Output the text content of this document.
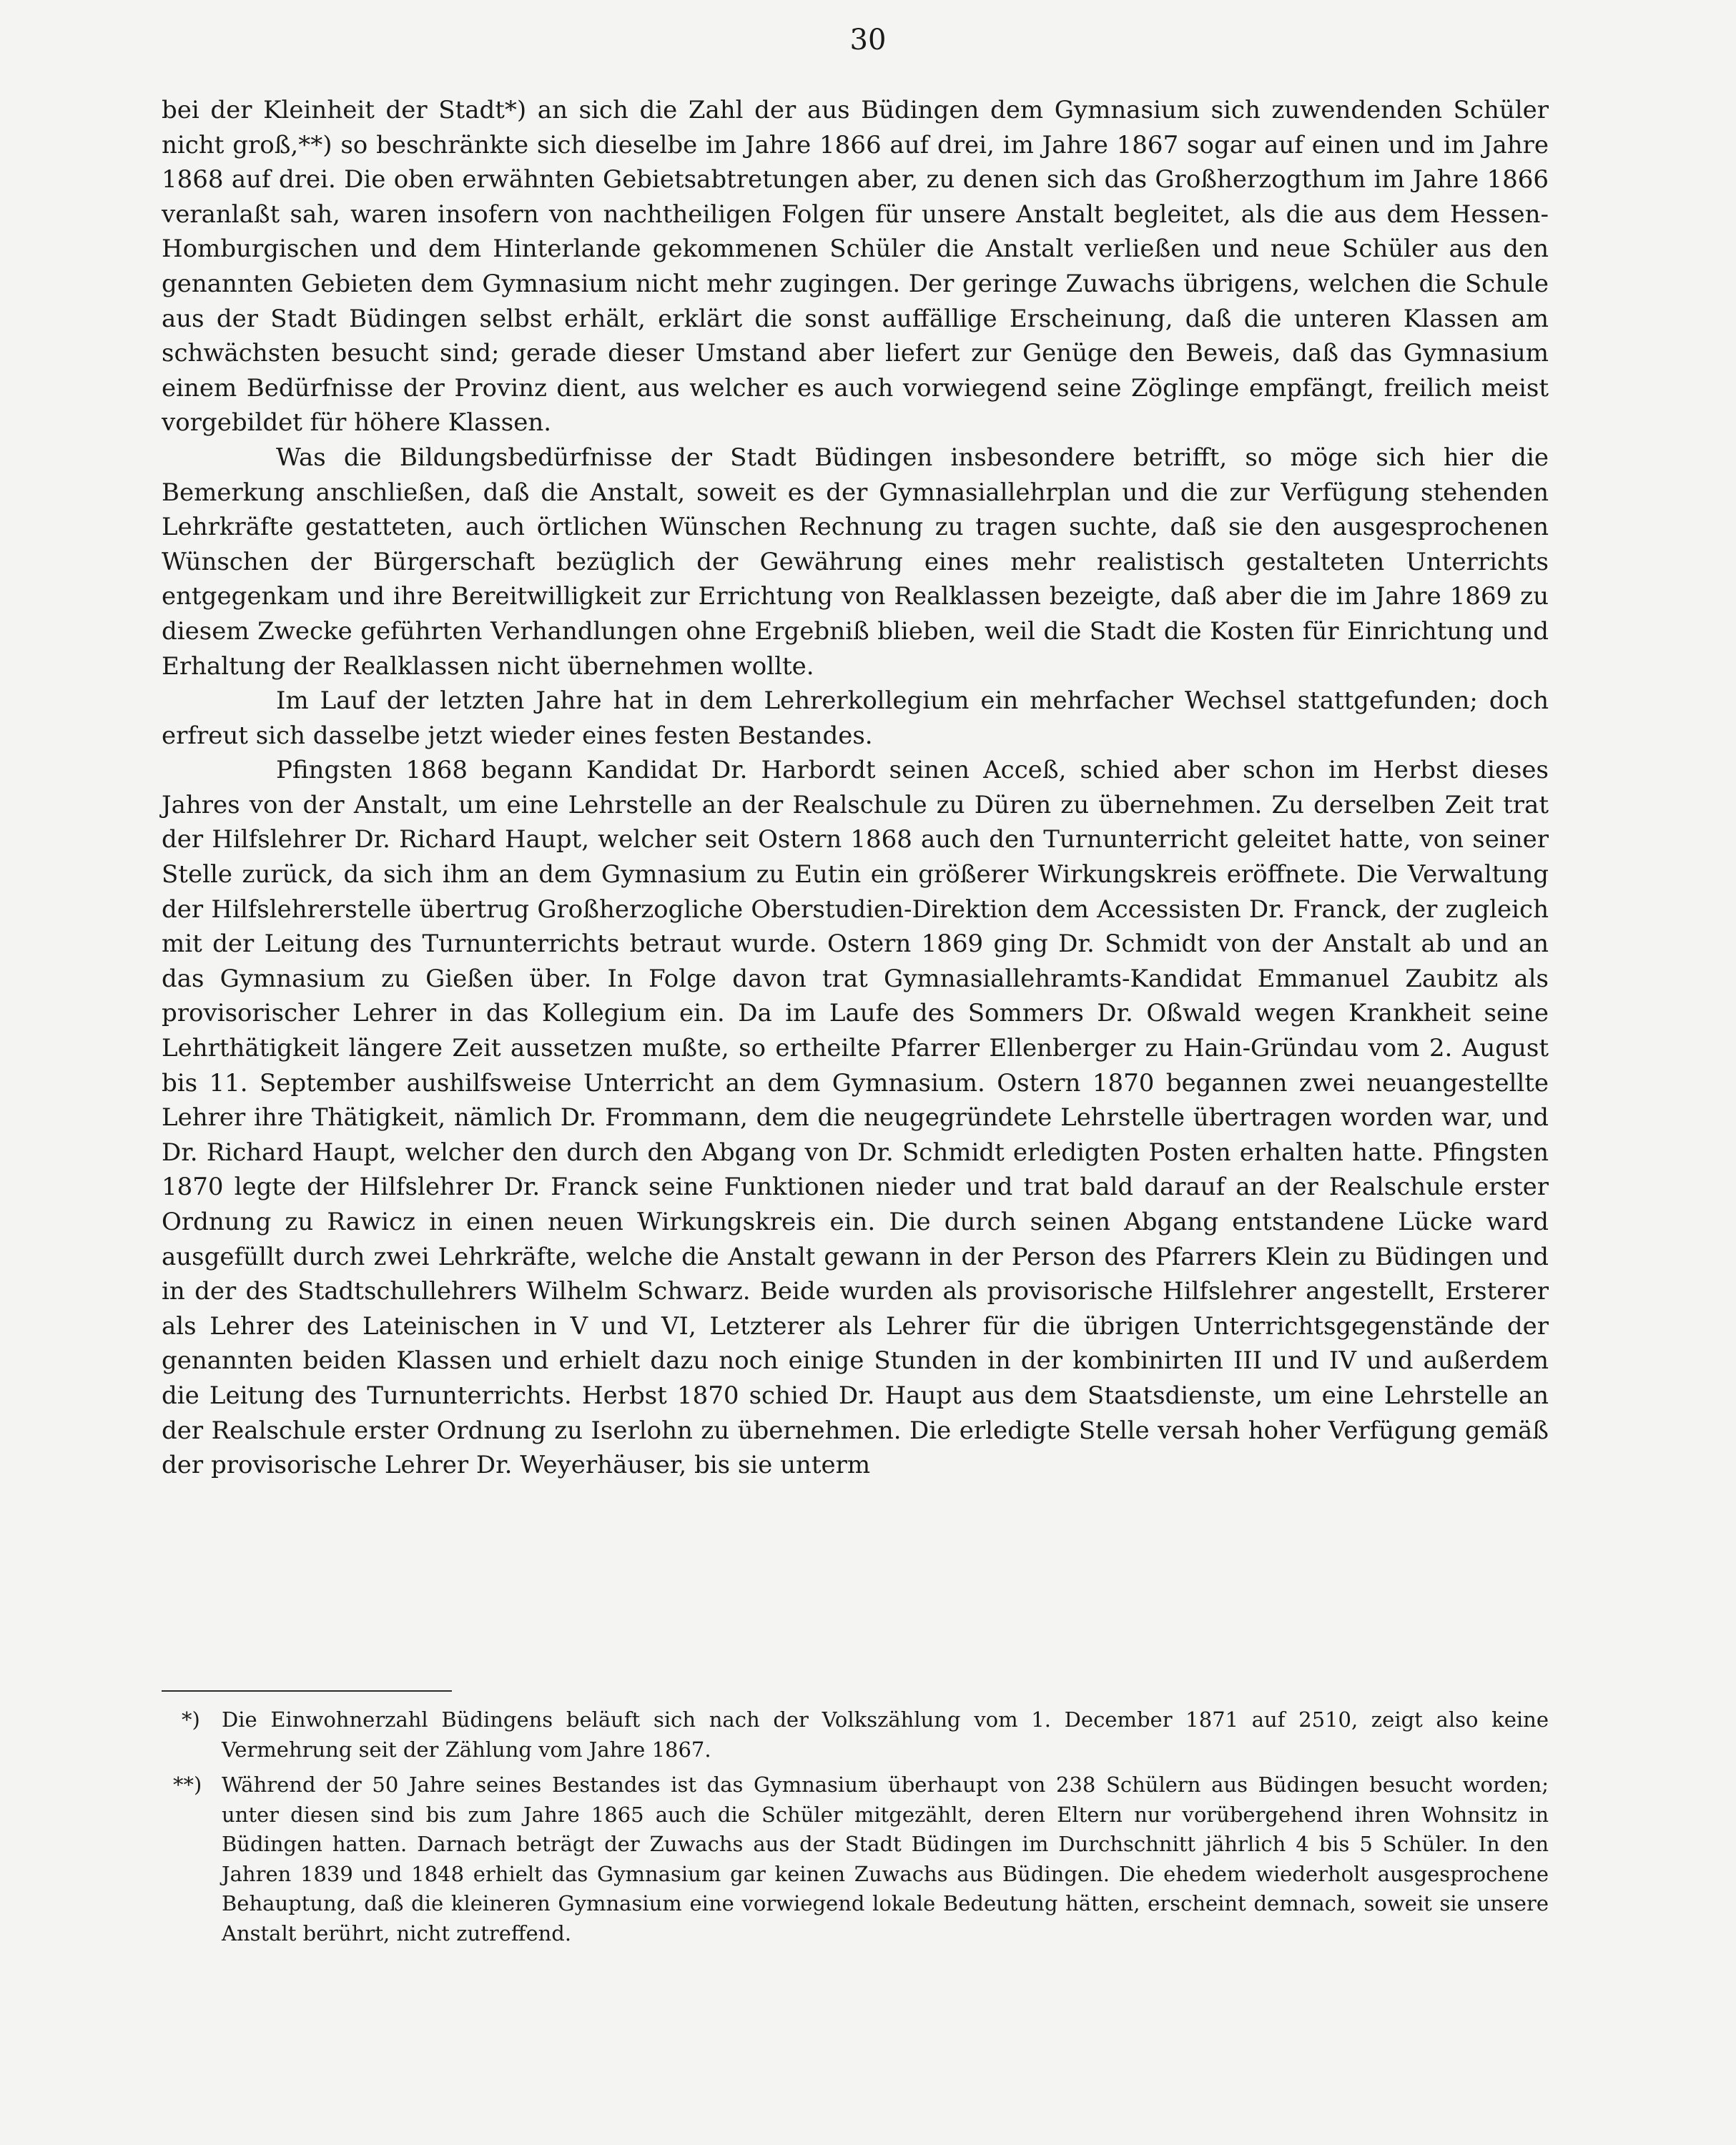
30

bei der Kleinheit der Stadt*) an sich die Zahl der aus Büdingen dem Gymnasium sich zuwendenden Schüler nicht groß,**) so beschränkte sich dieselbe im Jahre 1866 auf drei, im Jahre 1867 sogar auf einen und im Jahre 1868 auf drei. Die oben erwähnten Gebietsabtretungen aber, zu denen sich das Großherzogthum im Jahre 1866 veranlaßt sah, waren insofern von nachtheiligen Folgen für unsere Anstalt begleitet, als die aus dem Hessen-Homburgischen und dem Hinterlande gekommenen Schüler die Anstalt verließen und neue Schüler aus den genannten Gebieten dem Gymnasium nicht mehr zugingen. Der geringe Zuwachs übrigens, welchen die Schule aus der Stadt Büdingen selbst erhält, erklärt die sonst auffällige Erscheinung, daß die unteren Klassen am schwächsten besucht sind; gerade dieser Umstand aber liefert zur Genüge den Beweis, daß das Gymnasium einem Bedürfnisse der Provinz dient, aus welcher es auch vorwiegend seine Zöglinge empfängt, freilich meist vorgebildet für höhere Klassen.

Was die Bildungsbedürfnisse der Stadt Büdingen insbesondere betrifft, so möge sich hier die Bemerkung anschließen, daß die Anstalt, soweit es der Gymnasiallehrplan und die zur Verfügung stehenden Lehrkräfte gestatteten, auch örtlichen Wünschen Rechnung zu tragen suchte, daß sie den ausgesprochenen Wünschen der Bürgerschaft bezüglich der Gewährung eines mehr realistisch gestalteten Unterrichts entgegenkam und ihre Bereitwilligkeit zur Errichtung von Realklassen bezeigte, daß aber die im Jahre 1869 zu diesem Zwecke geführten Verhandlungen ohne Ergebniß blieben, weil die Stadt die Kosten für Einrichtung und Erhaltung der Realklassen nicht übernehmen wollte.

Im Lauf der letzten Jahre hat in dem Lehrerkollegium ein mehrfacher Wechsel stattgefunden; doch erfreut sich dasselbe jetzt wieder eines festen Bestandes.

Pfingsten 1868 begann Kandidat Dr. Harbordt seinen Acceß, schied aber schon im Herbst dieses Jahres von der Anstalt, um eine Lehrstelle an der Realschule zu Düren zu übernehmen. Zu derselben Zeit trat der Hilfslehrer Dr. Richard Haupt, welcher seit Ostern 1868 auch den Turnunterricht geleitet hatte, von seiner Stelle zurück, da sich ihm an dem Gymnasium zu Eutin ein größerer Wirkungskreis eröffnete. Die Verwaltung der Hilfslehrerstelle übertrug Großherzogliche Oberstudien-Direktion dem Accessisten Dr. Franck, der zugleich mit der Leitung des Turnunterrichts betraut wurde. Ostern 1869 ging Dr. Schmidt von der Anstalt ab und an das Gymnasium zu Gießen über. In Folge davon trat Gymnasiallehramts-Kandidat Emmanuel Zaubitz als provisorischer Lehrer in das Kollegium ein. Da im Laufe des Sommers Dr. Oßwald wegen Krankheit seine Lehrthätigkeit längere Zeit aussetzen mußte, so ertheilte Pfarrer Ellenberger zu Hain-Gründau vom 2. August bis 11. September aushilfsweise Unterricht an dem Gymnasium. Ostern 1870 begannen zwei neuangestellte Lehrer ihre Thätigkeit, nämlich Dr. Frommann, dem die neugegründete Lehrstelle übertragen worden war, und Dr. Richard Haupt, welcher den durch den Abgang von Dr. Schmidt erledigten Posten erhalten hatte. Pfingsten 1870 legte der Hilfslehrer Dr. Franck seine Funktionen nieder und trat bald darauf an der Realschule erster Ordnung zu Rawicz in einen neuen Wirkungskreis ein. Die durch seinen Abgang entstandene Lücke ward ausgefüllt durch zwei Lehrkräfte, welche die Anstalt gewann in der Person des Pfarrers Klein zu Büdingen und in der des Stadtschullehrers Wilhelm Schwarz. Beide wurden als provisorische Hilfslehrer angestellt, Ersterer als Lehrer des Lateinischen in V und VI, Letzterer als Lehrer für die übrigen Unterrichtsgegenstände der genannten beiden Klassen und erhielt dazu noch einige Stunden in der kombinirten III und IV und außerdem die Leitung des Turnunterrichts. Herbst 1870 schied Dr. Haupt aus dem Staatsdienste, um eine Lehrstelle an der Realschule erster Ordnung zu Iserlohn zu übernehmen. Die erledigte Stelle versah hoher Verfügung gemäß der provisorische Lehrer Dr. Weyerhäuser, bis sie unterm

*) Die Einwohnerzahl Büdingens beläuft sich nach der Volkszählung vom 1. December 1871 auf 2510, zeigt also keine Vermehrung seit der Zählung vom Jahre 1867.

**) Während der 50 Jahre seines Bestandes ist das Gymnasium überhaupt von 238 Schülern aus Büdingen besucht worden; unter diesen sind bis zum Jahre 1865 auch die Schüler mitgezählt, deren Eltern nur vorübergehend ihren Wohnsitz in Büdingen hatten. Darnach beträgt der Zuwachs aus der Stadt Büdingen im Durchschnitt jährlich 4 bis 5 Schüler. In den Jahren 1839 und 1848 erhielt das Gymnasium gar keinen Zuwachs aus Büdingen. Die ehedem wiederholt ausgesprochene Behauptung, daß die kleineren Gymnasium eine vorwiegend lokale Bedeutung hätten, erscheint demnach, soweit sie unsere Anstalt berührt, nicht zutreffend.
